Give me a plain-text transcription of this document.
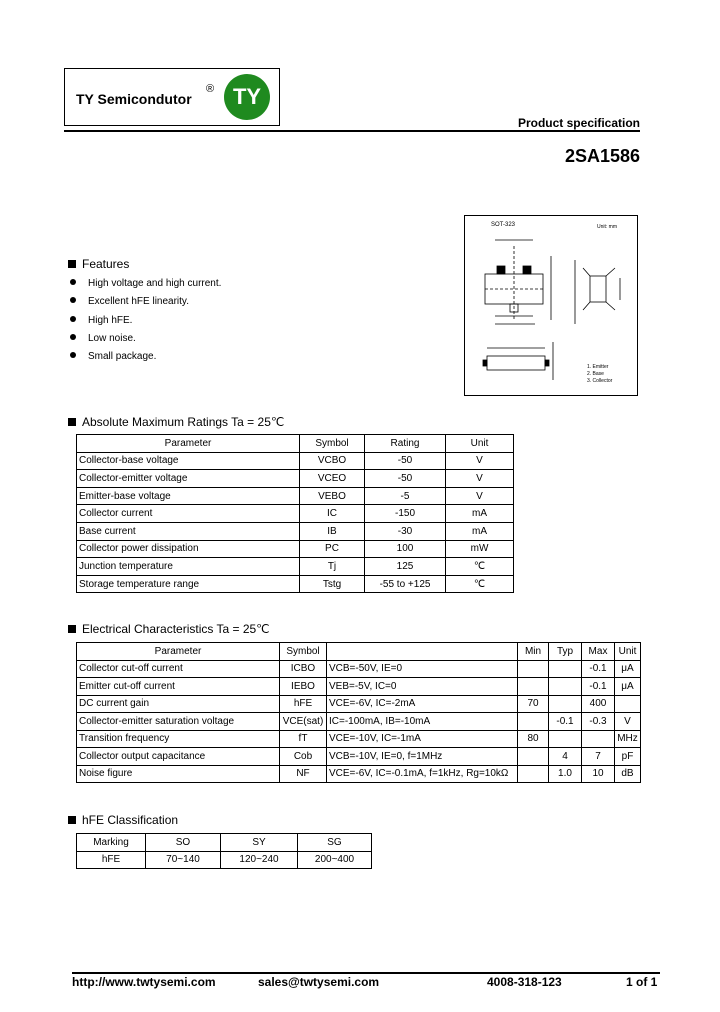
TY Semicondutor
® TY
Product specification
2SA1586
SOT-323	Unit: mm
1. Emitter
2. Base
3. Collector
Features
High voltage and high current.
Excellent hFE linearity.
High hFE.
Low noise.
Small package.
Absolute Maximum Ratings Ta = 25℃
Parameter	Symbol	Rating	Unit
Collector-base voltage	VCBO	-50	V
Collector-emitter voltage	VCEO	-50	V
Emitter-base voltage	VEBO	-5	V
Collector current	IC	-150	mA
Base current	IB	-30	mA
Collector power dissipation	PC	100	mW
Junction temperature	Tj	125	℃
Storage temperature range	Tstg	-55 to +125	℃
Electrical Characteristics Ta = 25℃
Parameter	Symbol		Min	Typ	Max	Unit
Collector cut-off current	ICBO	VCB=-50V, IE=0			-0.1	μA
Emitter cut-off current	IEBO	VEB=-5V, IC=0			-0.1	μA
DC current gain	hFE	VCE=-6V, IC=-2mA	70		400	
Collector-emitter saturation voltage	VCE(sat)	IC=-100mA, IB=-10mA		-0.1	-0.3	V
Transition frequency	fT	VCE=-10V, IC=-1mA	80			MHz
Collector output capacitance	Cob	VCB=-10V, IE=0, f=1MHz		4	7	pF
Noise figure	NF	VCE=-6V, IC=-0.1mA, f=1kHz, Rg=10kΩ		1.0	10	dB
hFE Classification
Marking	SO	SY	SG
hFE	70~140	120~240	200~400
http://www.twtysemi.com	sales@twtysemi.com	4008-318-123	1 of 1
